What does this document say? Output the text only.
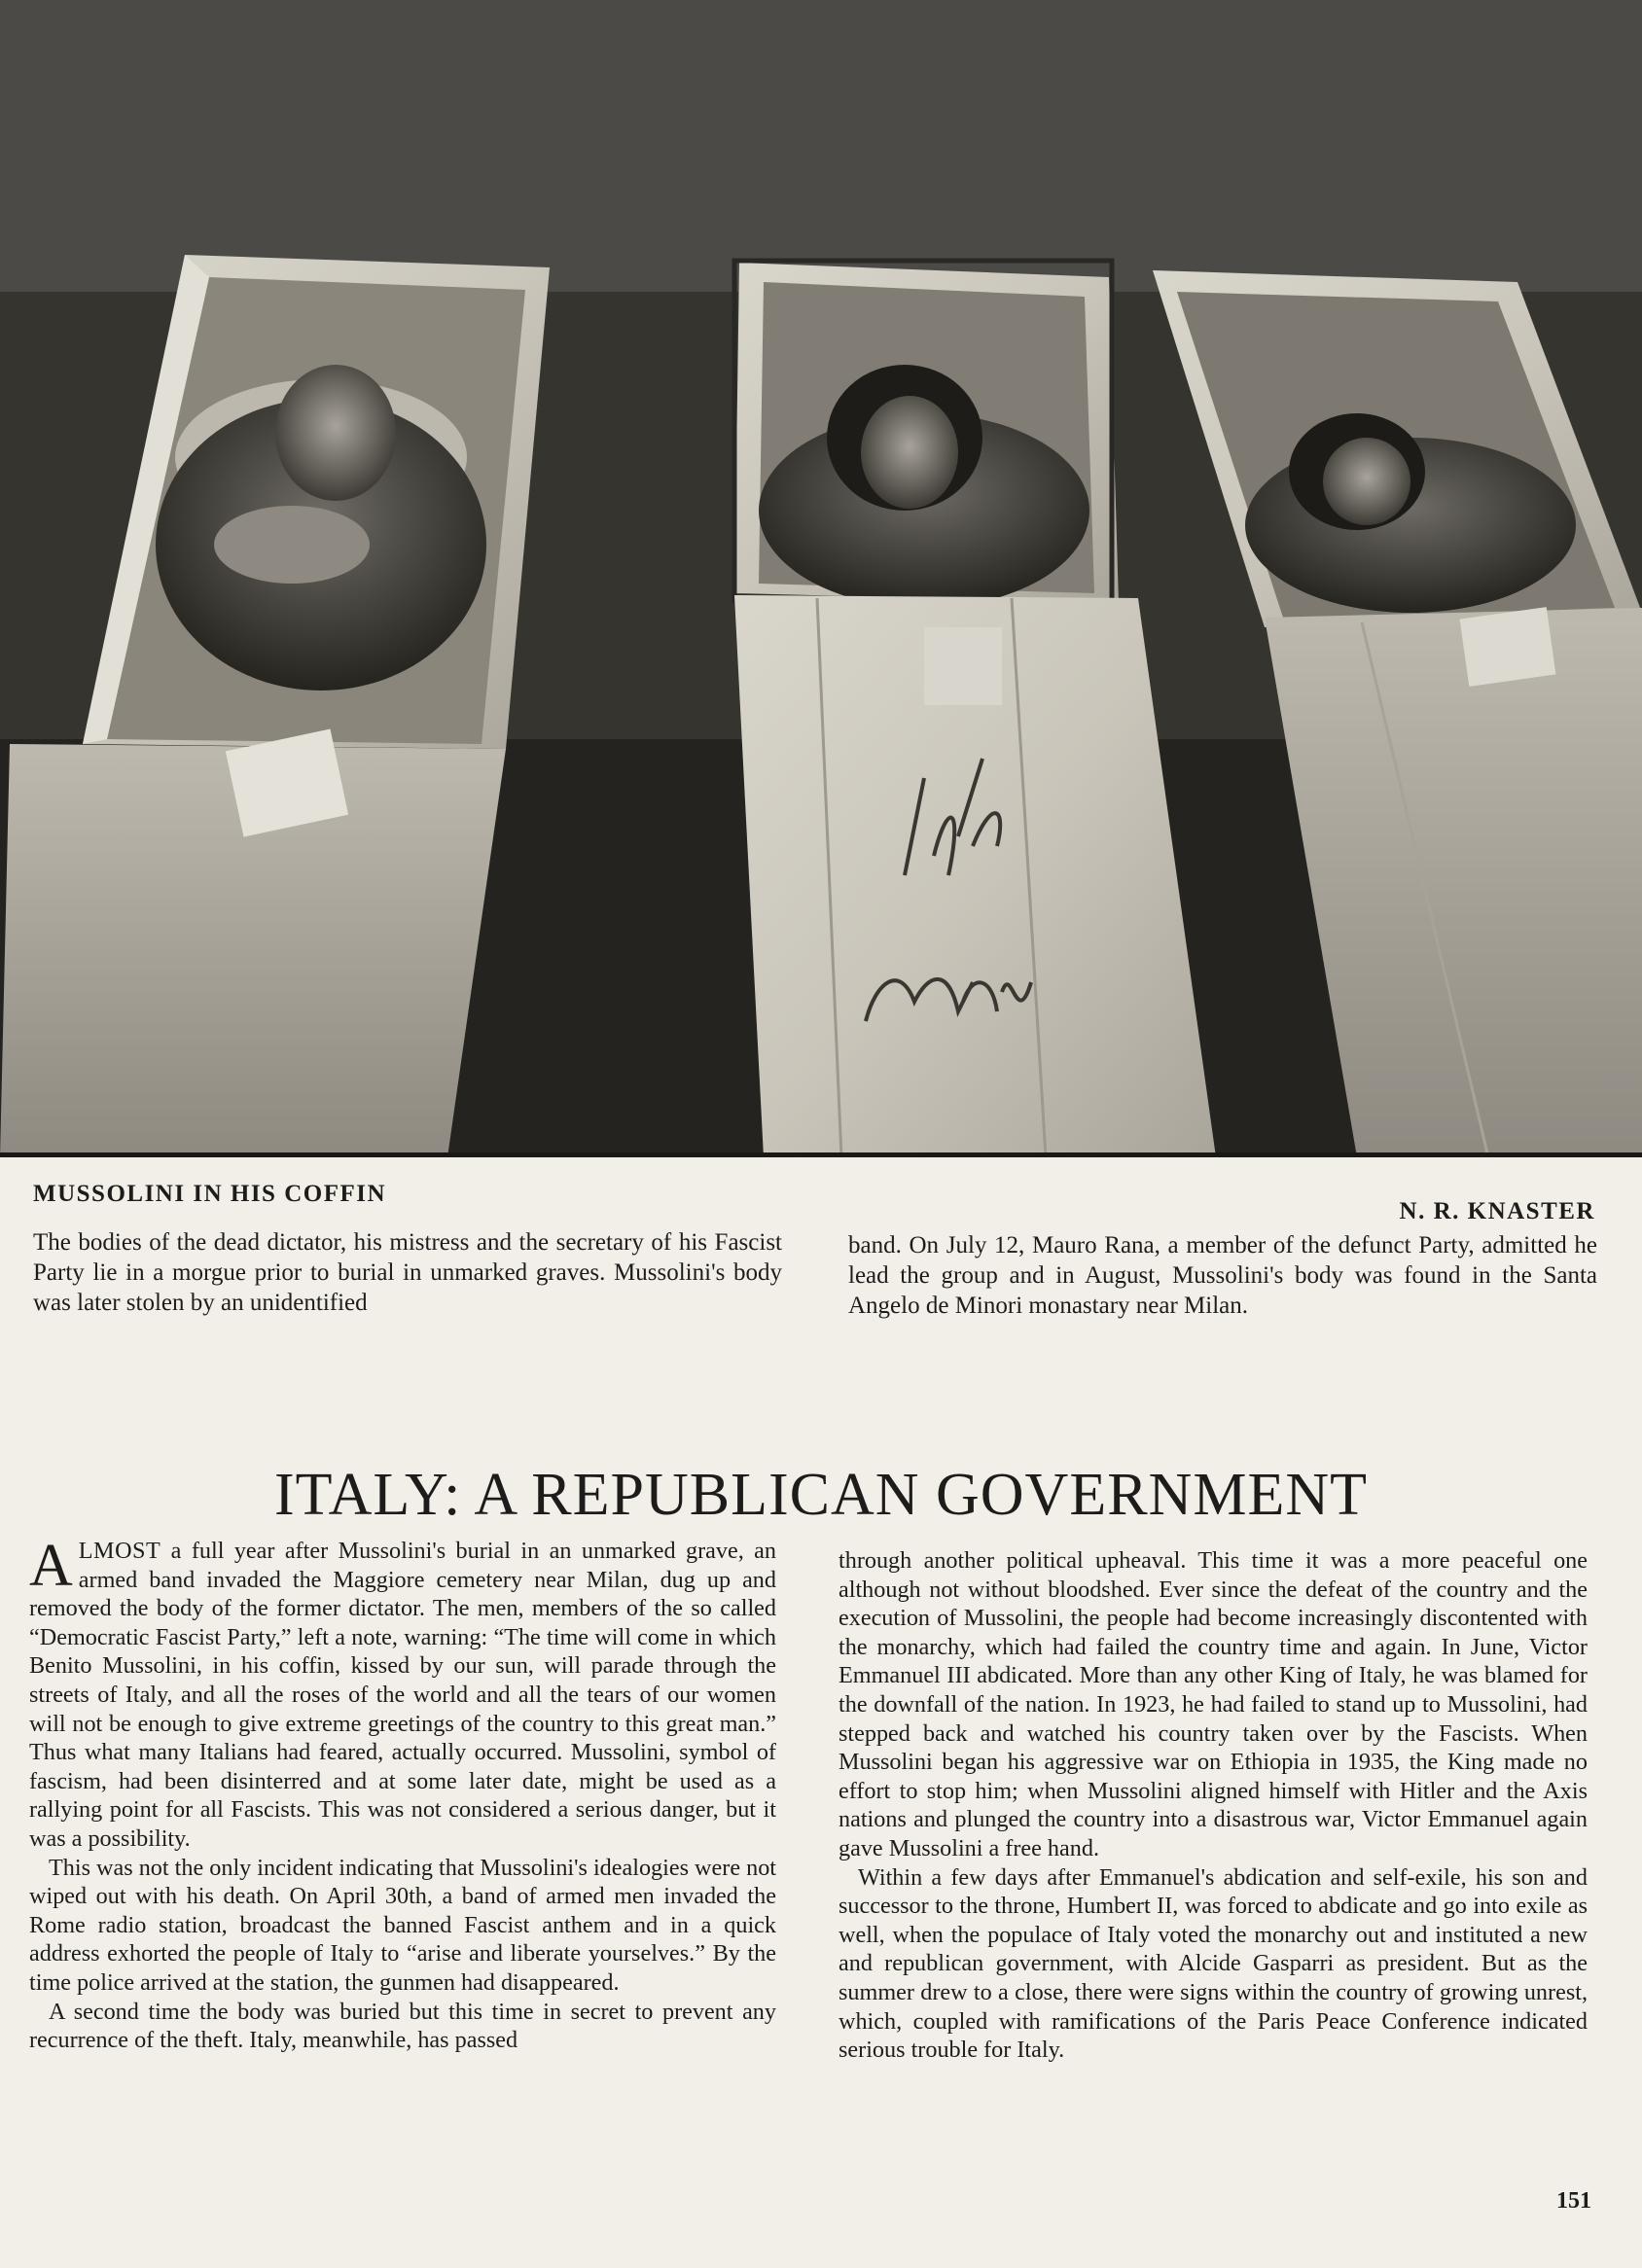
MUSSOLINI IN HIS COFFIN
N. R. KNASTER
The bodies of the dead dictator, his mistress and the secretary of his Fascist Party lie in a morgue prior to burial in unmarked graves. Mussolini's body was later stolen by an unidentified
band. On July 12, Mauro Rana, a member of the defunct Party, admitted he lead the group and in August, Mussolini's body was found in the Santa Angelo de Minori monastary near Milan.
ITALY: A REPUBLICAN GOVERNMENT

ALMOST a full year after Mussolini's burial in an unmarked grave, an armed band invaded the Maggiore cemetery near Milan, dug up and removed the body of the former dictator. The men, members of the so called “Democratic Fascist Party,” left a note, warning: “The time will come in which Benito Mussolini, in his coffin, kissed by our sun, will parade through the streets of Italy, and all the roses of the world and all the tears of our women will not be enough to give extreme greetings of the country to this great man.” Thus what many Italians had feared, actually occurred. Mussolini, symbol of fascism, had been disinterred and at some later date, might be used as a rallying point for all Fascists. This was not considered a serious danger, but it was a possibility.

This was not the only incident indicating that Mussolini's idealogies were not wiped out with his death. On April 30th, a band of armed men invaded the Rome radio station, broadcast the banned Fascist anthem and in a quick address exhorted the people of Italy to “arise and liberate yourselves.” By the time police arrived at the station, the gunmen had disappeared.

A second time the body was buried but this time in secret to prevent any recurrence of the theft. Italy, meanwhile, has passed

through another political upheaval. This time it was a more peaceful one although not without bloodshed. Ever since the defeat of the country and the execution of Mussolini, the people had become increasingly discontented with the monarchy, which had failed the country time and again. In June, Victor Emmanuel III abdicated. More than any other King of Italy, he was blamed for the downfall of the nation. In 1923, he had failed to stand up to Mussolini, had stepped back and watched his country taken over by the Fascists. When Mussolini began his aggressive war on Ethiopia in 1935, the King made no effort to stop him; when Mussolini aligned himself with Hitler and the Axis nations and plunged the country into a disastrous war, Victor Emmanuel again gave Mussolini a free hand.

Within a few days after Emmanuel's abdication and self-exile, his son and successor to the throne, Humbert II, was forced to abdicate and go into exile as well, when the populace of Italy voted the monarchy out and instituted a new and republican government, with Alcide Gasparri as president. But as the summer drew to a close, there were signs within the country of growing unrest, which, coupled with ramifications of the Paris Peace Conference indicated serious trouble for Italy.

151
